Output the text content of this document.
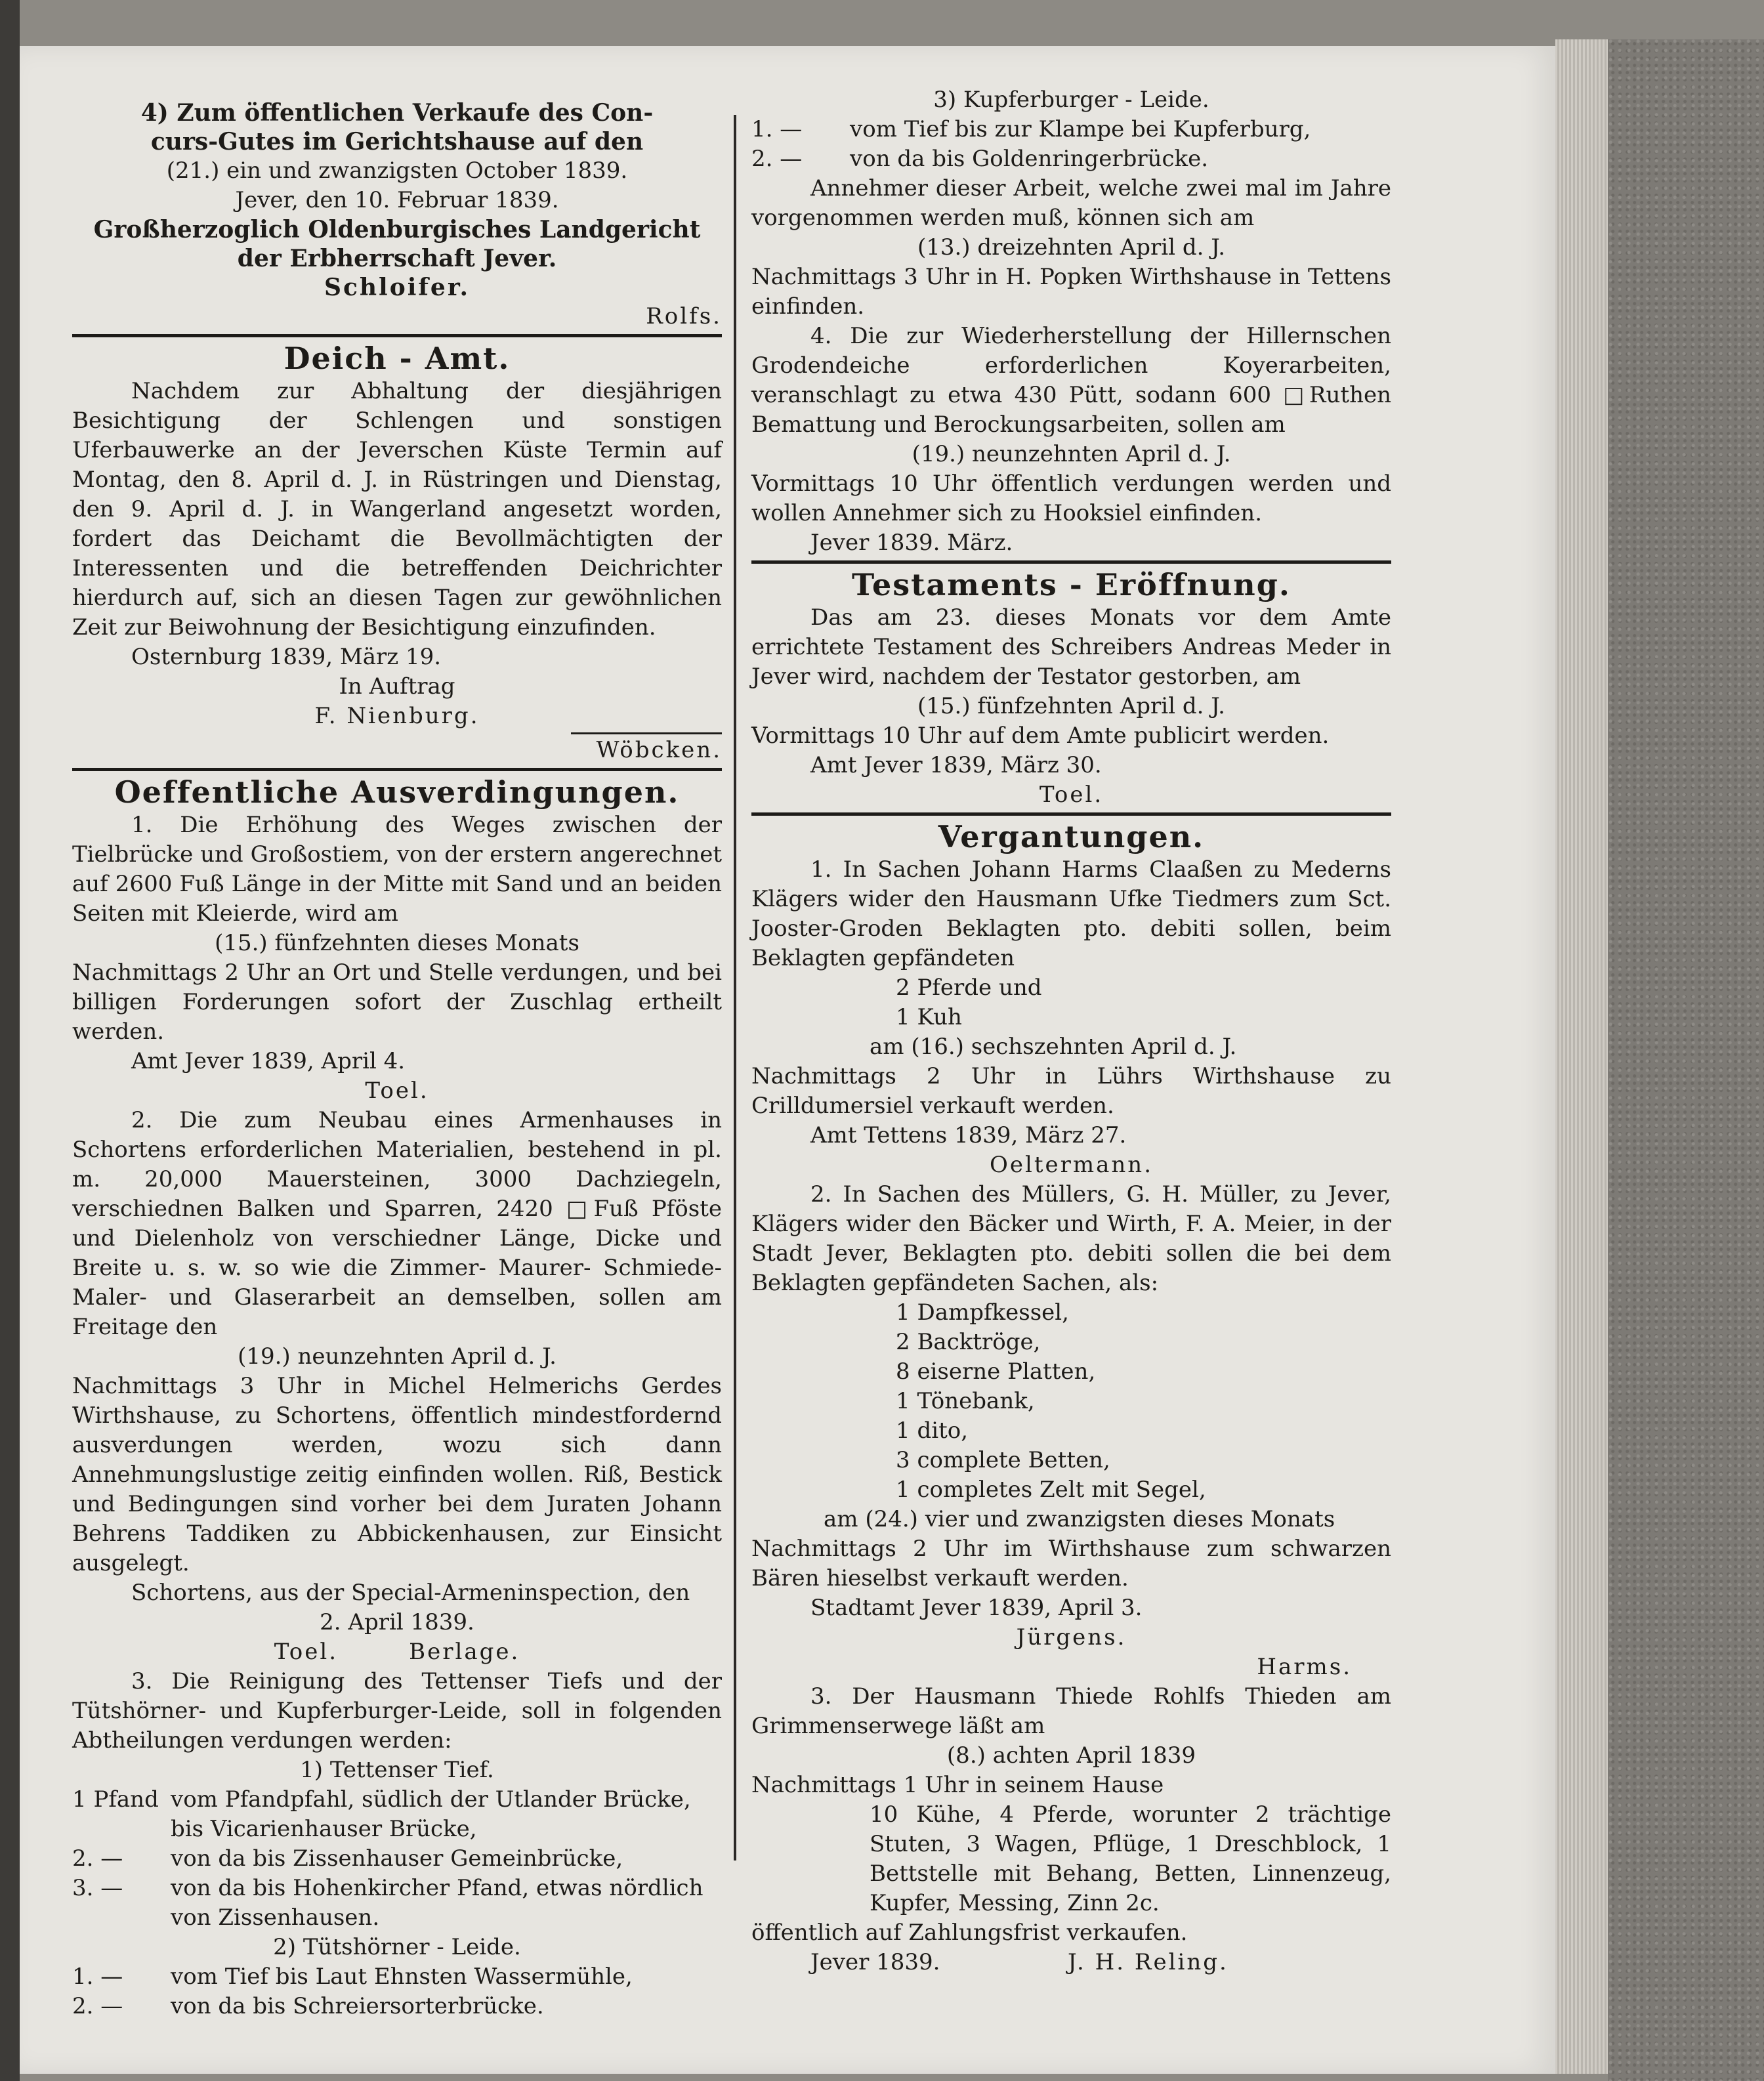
4) Zum öffentlichen Verkaufe des Con-

curs-Gutes im Gerichtshause auf den

(21.) ein und zwanzigsten October 1839.

Jever, den 10. Februar 1839.

Großherzoglich Oldenburgisches Landgericht

der Erbherrschaft Jever.

Schloifer.

Rolfs.

Deich - Amt.

Nachdem zur Abhaltung der diesjährigen Besichtigung der Schlengen und sonstigen Uferbauwerke an der Jeverschen Küste Termin auf Montag, den 8. April d. J. in Rüstringen und Dienstag, den 9. April d. J. in Wangerland angesetzt worden, fordert das Deichamt die Bevollmächtigten der Interessenten und die betreffenden Deichrichter hierdurch auf, sich an diesen Tagen zur gewöhnlichen Zeit zur Beiwohnung der Besichtigung einzufinden.

Osternburg 1839, März 19.

In Auftrag

F. Nienburg.

Wöbcken.

Oeffentliche Ausverdingungen.

1. Die Erhöhung des Weges zwischen der Tielbrücke und Großostiem, von der erstern angerechnet auf 2600 Fuß Länge in der Mitte mit Sand und an beiden Seiten mit Kleierde, wird am

(15.) fünfzehnten dieses Monats

Nachmittags 2 Uhr an Ort und Stelle verdungen, und bei billigen Forderungen sofort der Zuschlag ertheilt werden.

Amt Jever 1839, April 4.

Toel.

2. Die zum Neubau eines Armenhauses in Schortens erforderlichen Materialien, bestehend in pl. m. 20,000 Mauersteinen, 3000 Dachziegeln, verschiednen Balken und Sparren, 2420 □Fuß Pföste und Dielenholz von verschiedner Länge, Dicke und Breite u. s. w. so wie die Zimmer- Maurer- Schmiede- Maler- und Glaserarbeit an demselben, sollen am Freitage den

(19.) neunzehnten April d. J.

Nachmittags 3 Uhr in Michel Helmerichs Gerdes Wirthshause, zu Schortens, öffentlich mindestfordernd ausverdungen werden, wozu sich dann Annehmungslustige zeitig einfinden wollen. Riß, Bestick und Bedingungen sind vorher bei dem Juraten Johann Behrens Taddiken zu Abbickenhausen, zur Einsicht ausgelegt.

Schortens, aus der Special-Armeninspection, den

2. April 1839.

Toel.	Berlage.

3. Die Reinigung des Tettenser Tiefs und der Tütshörner- und Kupferburger-Leide, soll in folgenden Abtheilungen verdungen werden:

1) Tettenser Tief.

1 Pfand vom Pfandpfahl, südlich der Utlander Brücke,
bis Vicarienhauser Brücke,
2. —	von da bis Zissenhauser Gemeinbrücke,
3. —	von da bis Hohenkircher Pfand, etwas nördlich
von Zissenhausen.

2) Tütshörner - Leide.

1. —	vom Tief bis Laut Ehnsten Wassermühle,
2. —	von da bis Schreiersorterbrücke.

3) Kupferburger - Leide.

1. —	vom Tief bis zur Klampe bei Kupferburg,
2. —	von da bis Goldenringerbrücke.

Annehmer dieser Arbeit, welche zwei mal im Jahre vorgenommen werden muß, können sich am

(13.) dreizehnten April d. J.

Nachmittags 3 Uhr in H. Popken Wirthshause in Tettens einfinden.

4. Die zur Wiederherstellung der Hillernschen Grodendeiche erforderlichen Koyerarbeiten, veranschlagt zu etwa 430 Pütt, sodann 600 □Ruthen Bemattung und Berockungsarbeiten, sollen am

(19.) neunzehnten April d. J.

Vormittags 10 Uhr öffentlich verdungen werden und wollen Annehmer sich zu Hooksiel einfinden.

Jever 1839. März.

Testaments - Eröffnung.

Das am 23. dieses Monats vor dem Amte errichtete Testament des Schreibers Andreas Meder in Jever wird, nachdem der Testator gestorben, am

(15.) fünfzehnten April d. J.

Vormittags 10 Uhr auf dem Amte publicirt werden.

Amt Jever 1839, März 30.

Toel.

Vergantungen.

1. In Sachen Johann Harms Claaßen zu Mederns Klägers wider den Hausmann Ufke Tiedmers zum Sct. Jooster-Groden Beklagten pto. debiti sollen, beim Beklagten gepfändeten

2 Pferde und

1 Kuh

am (16.) sechszehnten April d. J.

Nachmittags 2 Uhr in Lührs Wirthshause zu Crilldumersiel verkauft werden.

Amt Tettens 1839, März 27.

Oeltermann.

2. In Sachen des Müllers, G. H. Müller, zu Jever, Klägers wider den Bäcker und Wirth, F. A. Meier, in der Stadt Jever, Beklagten pto. debiti sollen die bei dem Beklagten gepfändeten Sachen, als:

1 Dampfkessel,

2 Backtröge,

8 eiserne Platten,

1 Tönebank,

1 dito,

3 complete Betten,

1 completes Zelt mit Segel,

am (24.) vier und zwanzigsten dieses Monats

Nachmittags 2 Uhr im Wirthshause zum schwarzen Bären hieselbst verkauft werden.

Stadtamt Jever 1839, April 3.

Jürgens.

Harms.

3. Der Hausmann Thiede Rohlfs Thieden am Grimmenserwege läßt am

(8.) achten April 1839

Nachmittags 1 Uhr in seinem Hause

10 Kühe, 4 Pferde, worunter 2 trächtige Stuten, 3 Wagen, Pflüge, 1 Dreschblock, 1 Bettstelle mit Behang, Betten, Linnenzeug, Kupfer, Messing, Zinn 2c.

öffentlich auf Zahlungsfrist verkaufen.

Jever 1839.	J. H. Reling.
